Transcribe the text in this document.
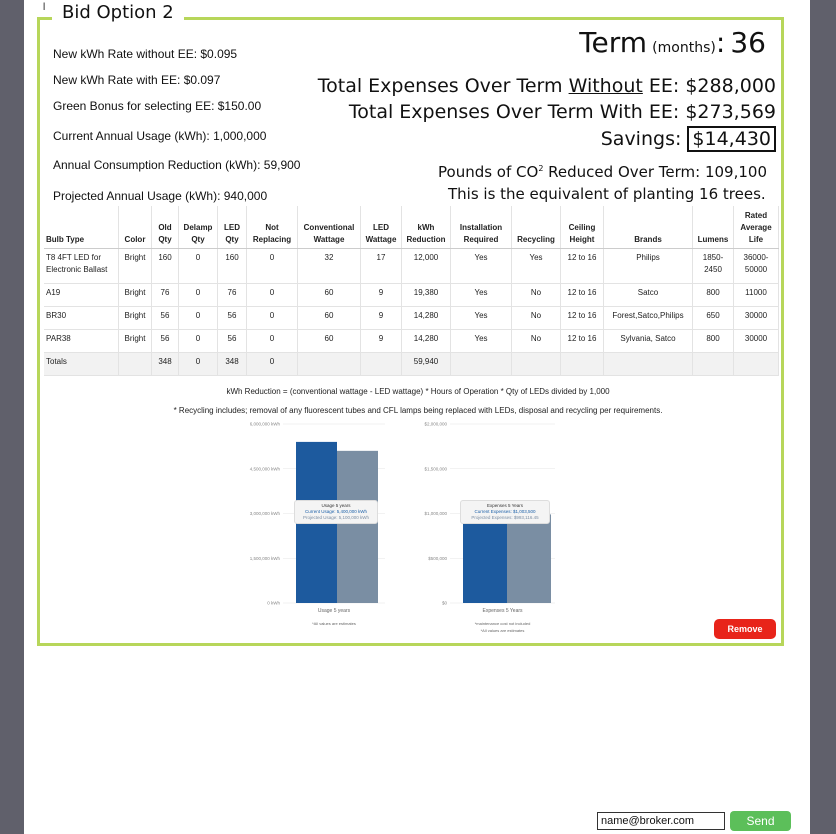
l Bid Option 2
New kWh Rate without EE: $0.095
New kWh Rate with EE: $0.097
Green Bonus for selecting EE: $150.00
Current Annual Usage (kWh): 1,000,000
Annual Consumption Reduction (kWh): 59,900
Projected Annual Usage (kWh): 940,000
Term (months): 36
Total Expenses Over Term Without EE: $288,000
Total Expenses Over Term With EE: $273,569
Savings: $14,430
Pounds of $CO^2$ Reduced Over Term: 109,100
This is the equivalent of planting 16 trees.
Bulb Type	Color	Old Qty	Delamp Qty	LED Qty	Not Replacing	Conventional Wattage	LED Wattage	kWh Reduction	Installation Required	Recycling	Ceiling Height	Brands	Lumens	Rated Average Life
T8 4FT LED for Electronic Ballast	Bright	160	0	160	0	32	17	12,000	Yes	Yes	12 to 16	Philips	1850-2450	36000-50000
A19	Bright	76	0	76	0	60	9	19,380	Yes	No	12 to 16	Satco	800	11000
BR30	Bright	56	0	56	0	60	9	14,280	Yes	No	12 to 16	Forest,Satco,Philips	650	30000
PAR38	Bright	56	0	56	0	60	9	14,280	Yes	No	12 to 16	Sylvania, Satco	800	30000
Totals		348	0	348	0			59,940						
kWh Reduction = (conventional wattage - LED wattage) * Hours of Operation * Qty of LEDs divided by 1,000
* Recycling includes; removal of any fluorescent tubes and CFL lamps being replaced with LEDs, disposal and recycling per requirements.
6,000,000 kWh
4,500,000 kWh
3,000,000 kWh
1,500,000 kWh
0 kWh
Usage 5 years
*All values are estimates
$2,000,000
$1,500,000
$1,000,000
$500,000
$0
Expenses 5 Years
*maintenance cost not included
*All values are estimates
Usage 5 years
Current Usage: 5,400,000 kWh
Projected Usage: 5,100,000 kWh
Expenses 5 Years
Current Expenses: $1,003,500
Projected Expenses: $993,116.45
Remove
name@broker.com
Send
